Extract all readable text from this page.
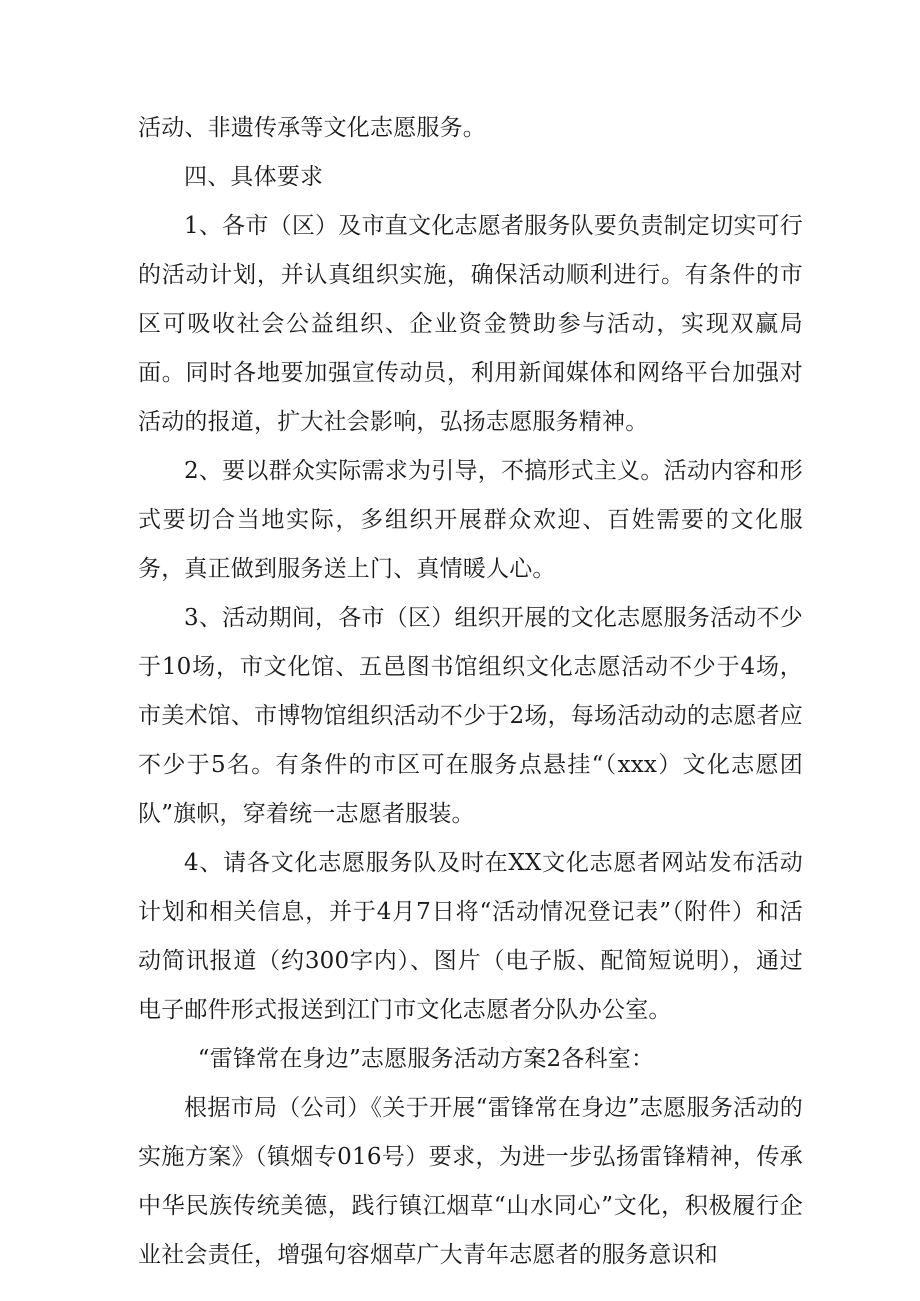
活动、非遗传承等文化志愿服务。

四、具体要求

1、各市（区）及市直文化志愿者服务队要负责制定切实可行的活动计划，并认真组织实施，确保活动顺利进行。有条件的市区可吸收社会公益组织、企业资金赞助参与活动，实现双赢局面。同时各地要加强宣传动员，利用新闻媒体和网络平台加强对活动的报道，扩大社会影响，弘扬志愿服务精神。

2、要以群众实际需求为引导，不搞形式主义。活动内容和形式要切合当地实际，多组织开展群众欢迎、百姓需要的文化服务，真正做到服务送上门、真情暖人心。

3、活动期间，各市（区）组织开展的文化志愿服务活动不少于10场，市文化馆、五邑图书馆组织文化志愿活动不少于4场，市美术馆、市博物馆组织活动不少于2场，每场活动动的志愿者应不少于5名。有条件的市区可在服务点悬挂“（xxx）文化志愿团队”旗帜，穿着统一志愿者服装。

4、请各文化志愿服务队及时在XX文化志愿者网站发布活动计划和相关信息，并于4月7日将“活动情况登记表”（附件）和活动简讯报道（约300字内）、图片（电子版、配简短说明），通过电子邮件形式报送到江门市文化志愿者分队办公室。

“雷锋常在身边”志愿服务活动方案2各科室：

根据市局（公司）《关于开展“雷锋常在身边”志愿服务活动的实施方案》（镇烟专016号）要求，为进一步弘扬雷锋精神，传承中华民族传统美德，践行镇江烟草“山水同心”文化，积极履行企业社会责任，增强句容烟草广大青年志愿者的服务意识和
